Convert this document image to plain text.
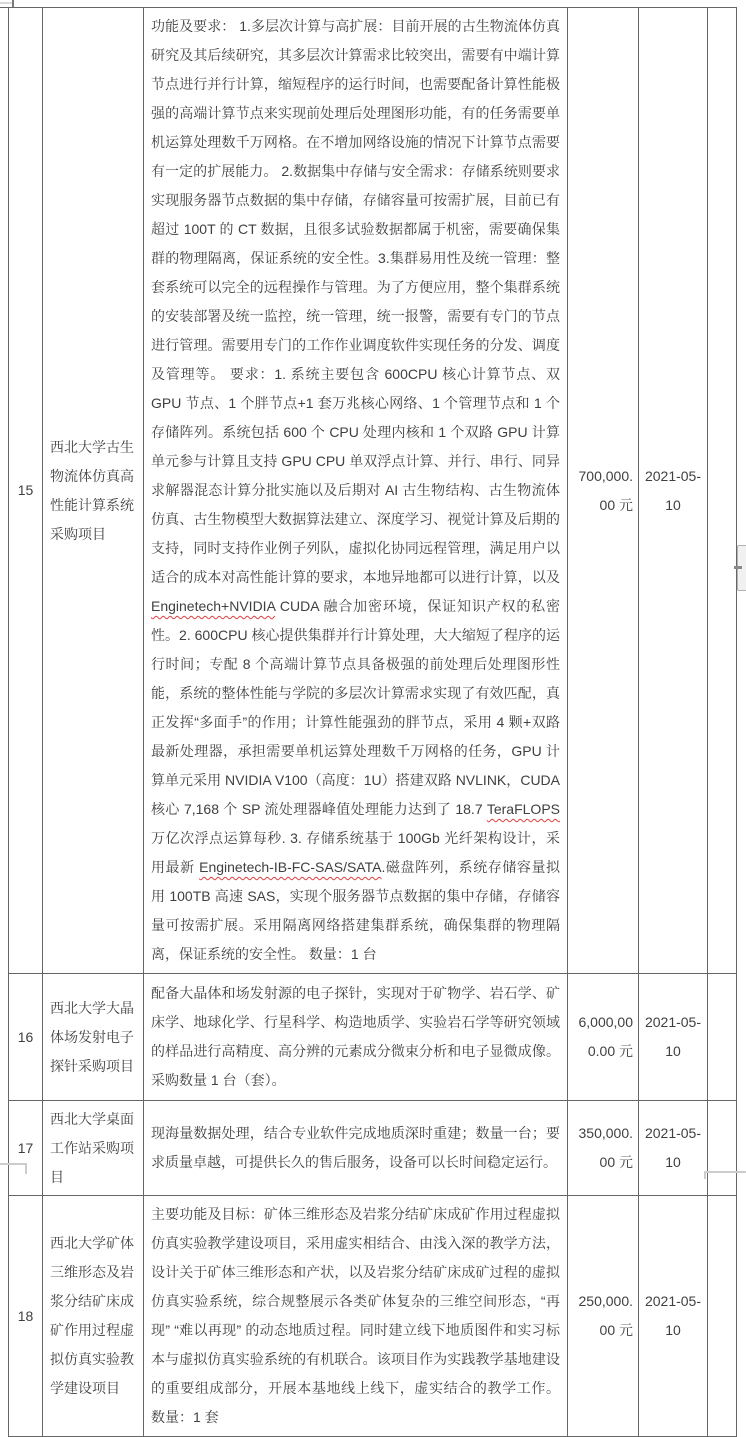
15	西北大学古生物流体仿真高性能计算系统采购项目	功能及要求： 1.多层次计算与高扩展：目前开展的古生物流体仿真研究及其后续研究，其多层次计算需求比较突出，需要有中端计算节点进行并行计算，缩短程序的运行时间，也需要配备计算性能极强的高端计算节点来实现前处理后处理图形功能，有的任务需要单机运算处理数千万网格。在不增加网络设施的情况下计算节点需要有一定的扩展能力。 2.数据集中存储与安全需求：存储系统则要求实现服务器节点数据的集中存储，存储容量可按需扩展，目前已有超过 100T 的 CT 数据，且很多试验数据都属于机密，需要确保集群的物理隔离，保证系统的安全性。3.集群易用性及统一管理：整套系统可以完全的远程操作与管理。为了方便应用，整个集群系统的安装部署及统一监控，统一管理，统一报警，需要有专门的节点进行管理。需要用专门的工作作业调度软件实现任务的分发、调度及管理等。 要求：1. 系统主要包含 600CPU 核心计算节点、双 GPU 节点、1 个胖节点+1 套万兆核心网络、1 个管理节点和 1 个存储阵列。系统包括 600 个 CPU 处理内核和 1 个双路 GPU 计算单元参与计算且支持 GPU CPU 单双浮点计算、并行、串行、同异求解器混态计算分批实施以及后期对 AI 古生物结构、古生物流体仿真、古生物模型大数据算法建立、深度学习、视觉计算及后期的支持，同时支持作业例子列队，虚拟化协同远程管理，满足用户以适合的成本对高性能计算的要求，本地异地都可以进行计算，以及 Enginetech+NVIDIA CUDA 融合加密环境，保证知识产权的私密性。2. 600CPU 核心提供集群并行计算处理，大大缩短了程序的运行时间；专配 8 个高端计算节点具备极强的前处理后处理图形性能，系统的整体性能与学院的多层次计算需求实现了有效匹配，真正发挥“多面手”的作用；计算性能强劲的胖节点，采用 4 颗+双路最新处理器，承担需要单机运算处理数千万网格的任务，GPU 计算单元采用 NVIDIA V100（高度：1U）搭建双路 NVLINK，CUDA 核心 7,168 个 SP 流处理器峰值处理能力达到了 18.7 TeraFLOPS 万亿次浮点运算每秒. 3. 存储系统基于 100Gb 光纤架构设计，采用最新 Enginetech-IB-FC-SAS/SATA.磁盘阵列，系统存储容量拟用 100TB 高速 SAS，实现个服务器节点数据的集中存储，存储容量可按需扩展。采用隔离网络搭建集群系统，确保集群的物理隔离，保证系统的安全性。 数量：1 台	700,000.00 元	2021-05-10	
16	西北大学大晶体场发射电子探针采购项目	配备大晶体和场发射源的电子探针，实现对于矿物学、岩石学、矿床学、地球化学、行星科学、构造地质学、实验岩石学等研究领域的样品进行高精度、高分辨的元素成分微束分析和电子显微成像。采购数量 1 台（套）。	6,000,000.00 元	2021-05-10	
17	西北大学桌面工作站采购项目	现海量数据处理，结合专业软件完成地质深时重建；数量一台；要求质量卓越，可提供长久的售后服务，设备可以长时间稳定运行。	350,000.00 元	2021-05-10	
18	西北大学矿体三维形态及岩浆分结矿床成矿作用过程虚拟仿真实验教学建设项目	主要功能及目标：矿体三维形态及岩浆分结矿床成矿作用过程虚拟仿真实验教学建设项目，采用虚实相结合、由浅入深的教学方法，设计关于矿体三维形态和产状，以及岩浆分结矿床成矿过程的虚拟仿真实验系统，综合规整展示各类矿体复杂的三维空间形态，“再现” “难以再现” 的动态地质过程。同时建立线下地质图件和实习标本与虚拟仿真实验系统的有机联合。该项目作为实践教学基地建设的重要组成部分，开展本基地线上线下，虚实结合的教学工作。 数量：1 套	250,000.00 元	2021-05-10	
